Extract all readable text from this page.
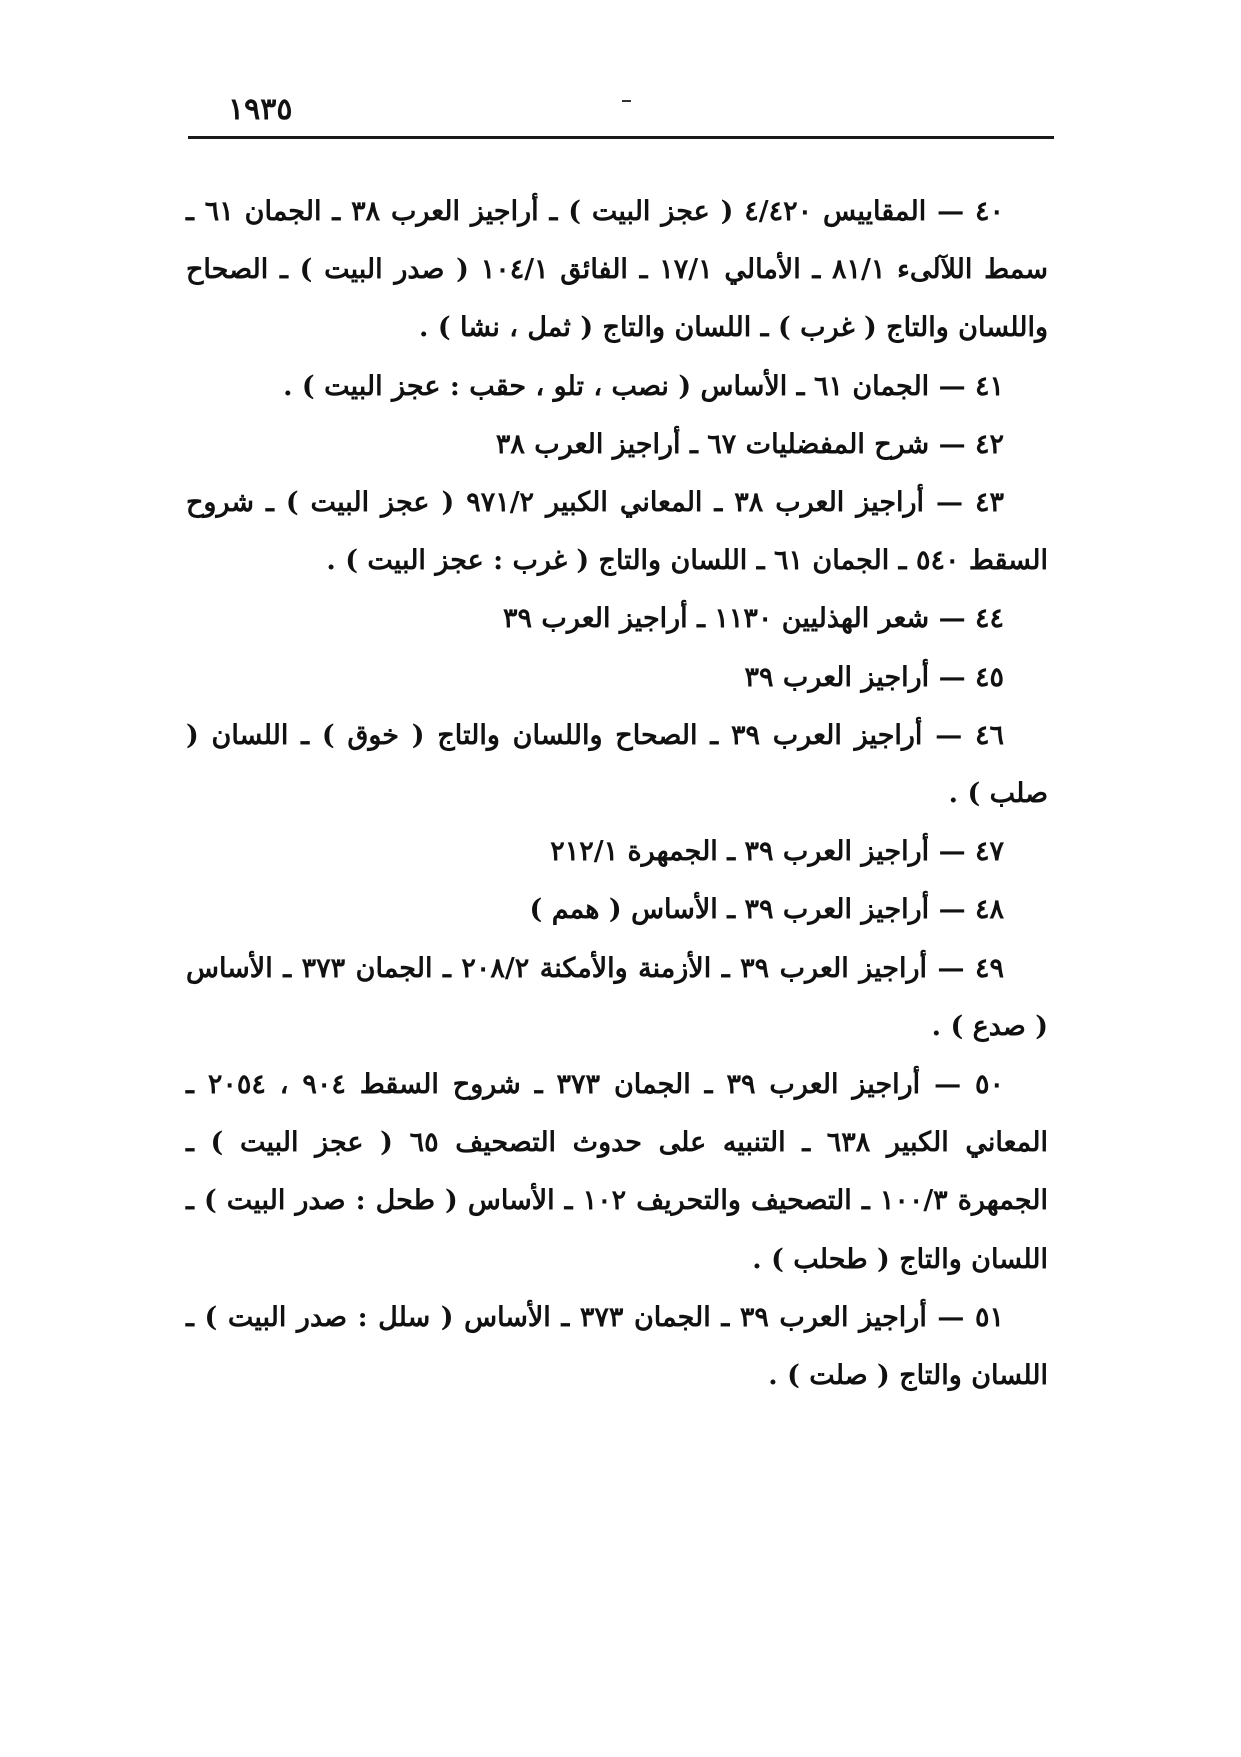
١٩٣٥

٤٠ — المقاييس ٤/٤٢٠ ( عجز البيت ) ـ أراجيز العرب ٣٨ ـ الجمان ٦١ ـ سمط اللآلىء ٨١/١ ـ الأمالي ١٧/١ ـ الفائق ١٠٤/١ ( صدر البيت ) ـ الصحاح واللسان والتاج ( غرب ) ـ اللسان والتاج ( ثمل ، نشا ) .

٤١ — الجمان ٦١ ـ الأساس ( نصب ، تلو ، حقب : عجز البيت ) .

٤٢ — شرح المفضليات ٦٧ ـ أراجيز العرب ٣٨

٤٣ — أراجيز العرب ٣٨ ـ المعاني الكبير ٩٧١/٢ ( عجز البيت ) ـ شروح السقط ٥٤٠ ـ الجمان ٦١ ـ اللسان والتاج ( غرب : عجز البيت ) .

٤٤ — شعر الهذليين ١١٣٠ ـ أراجيز العرب ٣٩

٤٥ — أراجيز العرب ٣٩

٤٦ — أراجيز العرب ٣٩ ـ الصحاح واللسان والتاج ( خوق ) ـ اللسان ( صلب ) .

٤٧ — أراجيز العرب ٣٩ ـ الجمهرة ٢١٢/١

٤٨ — أراجيز العرب ٣٩ ـ الأساس ( همم )

٤٩ — أراجيز العرب ٣٩ ـ الأزمنة والأمكنة ٢٠٨/٢ ـ الجمان ٣٧٣ ـ الأساس ( صدع ) .

٥٠ — أراجيز العرب ٣٩ ـ الجمان ٣٧٣ ـ شروح السقط ٩٠٤ ، ٢٠٥٤ ـ المعاني الكبير ٦٣٨ ـ التنبيه على حدوث التصحيف ٦٥ ( عجز البيت ) ـ الجمهرة ١٠٠/٣ ـ التصحيف والتحريف ١٠٢ ـ الأساس ( طحل : صدر البيت ) ـ اللسان والتاج ( طحلب ) .

٥١ — أراجيز العرب ٣٩ ـ الجمان ٣٧٣ ـ الأساس ( سلل : صدر البيت ) ـ اللسان والتاج ( صلت ) .
